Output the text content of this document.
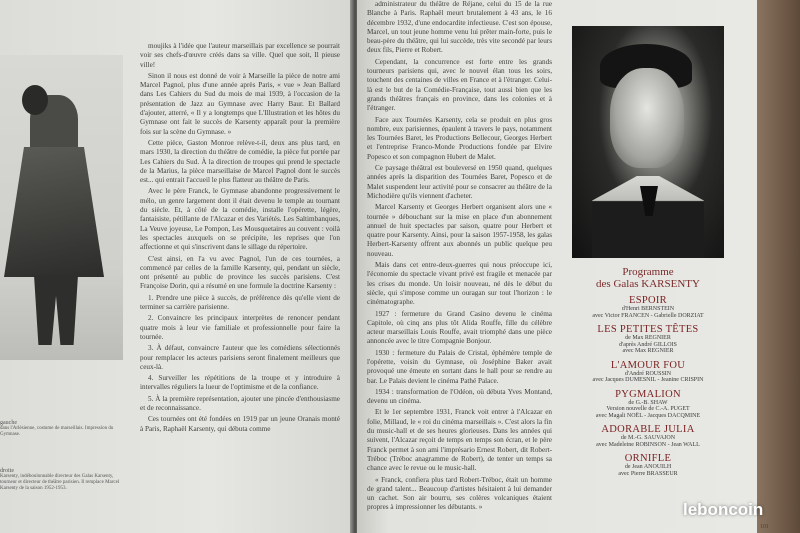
gauche
dans l'Arlésienne, costume de marseillais. Impression du Gymnase.
droite
Karsenty, indéboulonnable directeur des Galas Karsenty, tourneur et directeur de théâtre parisien. Il remplace Marcel Karsenty de la saison 1952-1953.

moujiks à l'idée que l'auteur marseillais par excellence se pourrait voir ses chefs-d'œuvre créés dans sa ville. Quel que soit, Il pieuse ville!

Sinon il nous est donné de voir à Marseille la pièce de notre ami Marcel Pagnol, plus d'une année après Paris, « vue » Jean Ballard dans Les Cahiers du Sud du mois de mai 1939, à l'occasion de la présentation de Jazz au Gymnase avec Harry Baur. Et Ballard d'ajouter, atterré, « Il y a longtemps que L'Illustration et les hôtes du Gymnase ont fait le succès de Karsenty apparaît pour la première fois sur la scène du Gymnase. »

Cette pièce, Gaston Monroe relève-t-il, deux ans plus tard, en mars 1930, la direction du théâtre de comédie, la pièce fut portée par Les Cahiers du Sud. À la direction de troupes qui prend le spectacle de la Marius, la pièce marseillaise de Marcel Pagnol dont le succès est... qui entrait l'accueil le plus flatteur au théâtre de Paris.

Avec le père Franck, le Gymnase abandonne progressivement le mélo, un genre largement dont il était devenu le temple au tournant du siècle. Et, à côté de la comédie, installe l'opérette, légère, fantaisiste, pétillante de l'Alcazar et des Variétés. Les Saltimbanques, La Veuve joyeuse, Le Pompon, Les Mousquetaires au couvent : voilà les spectacles auxquels on se précipite, les reprises que l'on affectionne et qui s'inscrivent dans le sillage du répertoire.

C'est ainsi, en l'a vu avec Pagnol, l'un de ces tournées, a commencé par celles de la famille Karsenty, qui, pendant un siècle, ont présenté au public de province les succès parisiens. C'est Françoise Dorin, qui a résumé en une formule la doctrine Karsenty :

1. Prendre une pièce à succès, de préférence dès qu'elle vient de terminer sa carrière parisienne.

2. Convaincre les principaux interprètes de renoncer pendant quatre mois à leur vie familiale et professionnelle pour faire la tournée.

3. À défaut, convaincre l'auteur que les comédiens sélectionnés pour remplacer les acteurs parisiens seront finalement meilleurs que ceux-là.

4. Surveiller les répétitions de la troupe et y introduire à intervalles réguliers la lueur de l'optimisme et de la confiance.

5. À la première représentation, ajouter une pincée d'enthousiasme et de reconnaissance.

Ces tournées ont été fondées en 1919 par un jeune Oranais monté à Paris, Raphaël Karsenty, qui débuta comme

administrateur du théâtre de Réjane, celui du 15 de la rue Blanche à Paris. Raphaël meurt brutalement à 43 ans, le 16 décembre 1932, d'une endocardite infectieuse. C'est son épouse, Marcel, un tout jeune homme venu lui prêter main-forte, puis le beau-père du théâtre, qui lui succède, très vite secondé par leurs deux fils, Pierre et Robert.

Cependant, la concurrence est forte entre les grands tourneurs parisiens qui, avec le nouvel élan tous les soirs, touchent des centaines de villes en France et à l'étranger. Celui-là est le but de la Comédie-Française, tout aussi bien que les grands théâtres français en province, dans les colonies et à l'étranger.

Face aux Tournées Karsenty, cela se produit en plus gros nombre, eux parisiennes, épaulent à travers le pays, notamment les Tournées Baret, les Productions Bellecour, Georges Herbert et l'entreprise Franco-Monde Productions fondée par Elvire Popesco et son compagnon Hubert de Malet.

Ce paysage théâtral est bouleversé en 1950 quand, quelques années après la disparition des Tournées Baret, Popesco et de Malet suspendent leur activité pour se consacrer au théâtre de la Michodière qu'ils viennent d'acheter.

Marcel Karsenty et Georges Herbert organisent alors une « tournée » débouchant sur la mise en place d'un abonnement annuel de huit spectacles par saison, quatre pour Herbert et quatre pour Karsenty. Ainsi, pour la saison 1957-1958, les galas Herbert-Karsenty offrent aux abonnés un public quelque peu nouveau.

Mais dans cet entre-deux-guerres qui nous préoccupe ici, l'économie du spectacle vivant privé est fragile et menacée par les crises du monde. Un loisir nouveau, né dès le début du siècle, qui s'impose comme un ouragan sur tout l'horizon : le cinématographe.

1927 : fermeture du Grand Casino devenu le cinéma Capitole, où cinq ans plus tôt Alida Rouffe, fille du célèbre acteur marseillais Louis Rouffe, avait triomphé dans une pièce annoncée avec le titre Compagnie Bonjour.

1930 : fermeture du Palais de Cristal, éphémère temple de l'opérette, voisin du Gymnase, où Joséphine Baker avait provoqué une émeute en sortant dans le hall pour se rendre au bar. Le Palais devient le cinéma Pathé Palace.

1934 : transformation de l'Odéon, où débuta Yves Montand, devenu un cinéma.

Et le 1er septembre 1931, Franck voit entrer à l'Alcazar en folie, Millaud, le « roi du cinéma marseillais ». C'est alors la fin du music-hall et de ses heures glorieuses. Dans les années qui suivent, l'Alcazar reçoit de temps en temps son écran, et le père Franck permet à son ami l'imprésario Ernest Robert, dit Robert-Tréboc (Tréboc anagramme de Robert), de tenter un temps sa chance avec le revue ou le music-hall.

« Franck, confiera plus tard Robert-Tréboc, était un homme de grand talent... Beaucoup d'artistes hésitaient à lui demander un cachet. Son air bourru, ses colères volcaniques étaient propres à impressionner les débutants. »

Programme
des Galas KARSENTY
ESPOIR
d'Henri BERNSTEIN
avec Victor FRANCEN - Gabrielle DORZIAT
LES PETITES TÊTES
de Max REGNIER
d'après André GILLOIS
avec Max REGNIER
L'AMOUR FOU
d'André ROUSSIN
avec Jacques DUMESNIL - Jeanine CRISPIN
PYGMALION
de G.-B. SHAW
Version nouvelle de C.-A. PUGET
avec Magali NOËL - Jacques DACQMINE
ADORABLE JULIA
de M.-G. SAUVAJON
avec Madeleine ROBINSON - Jean WALL
ORNIFLE
de Jean ANOUILH
avec Pierre BRASSEUR
101
leboncoin
